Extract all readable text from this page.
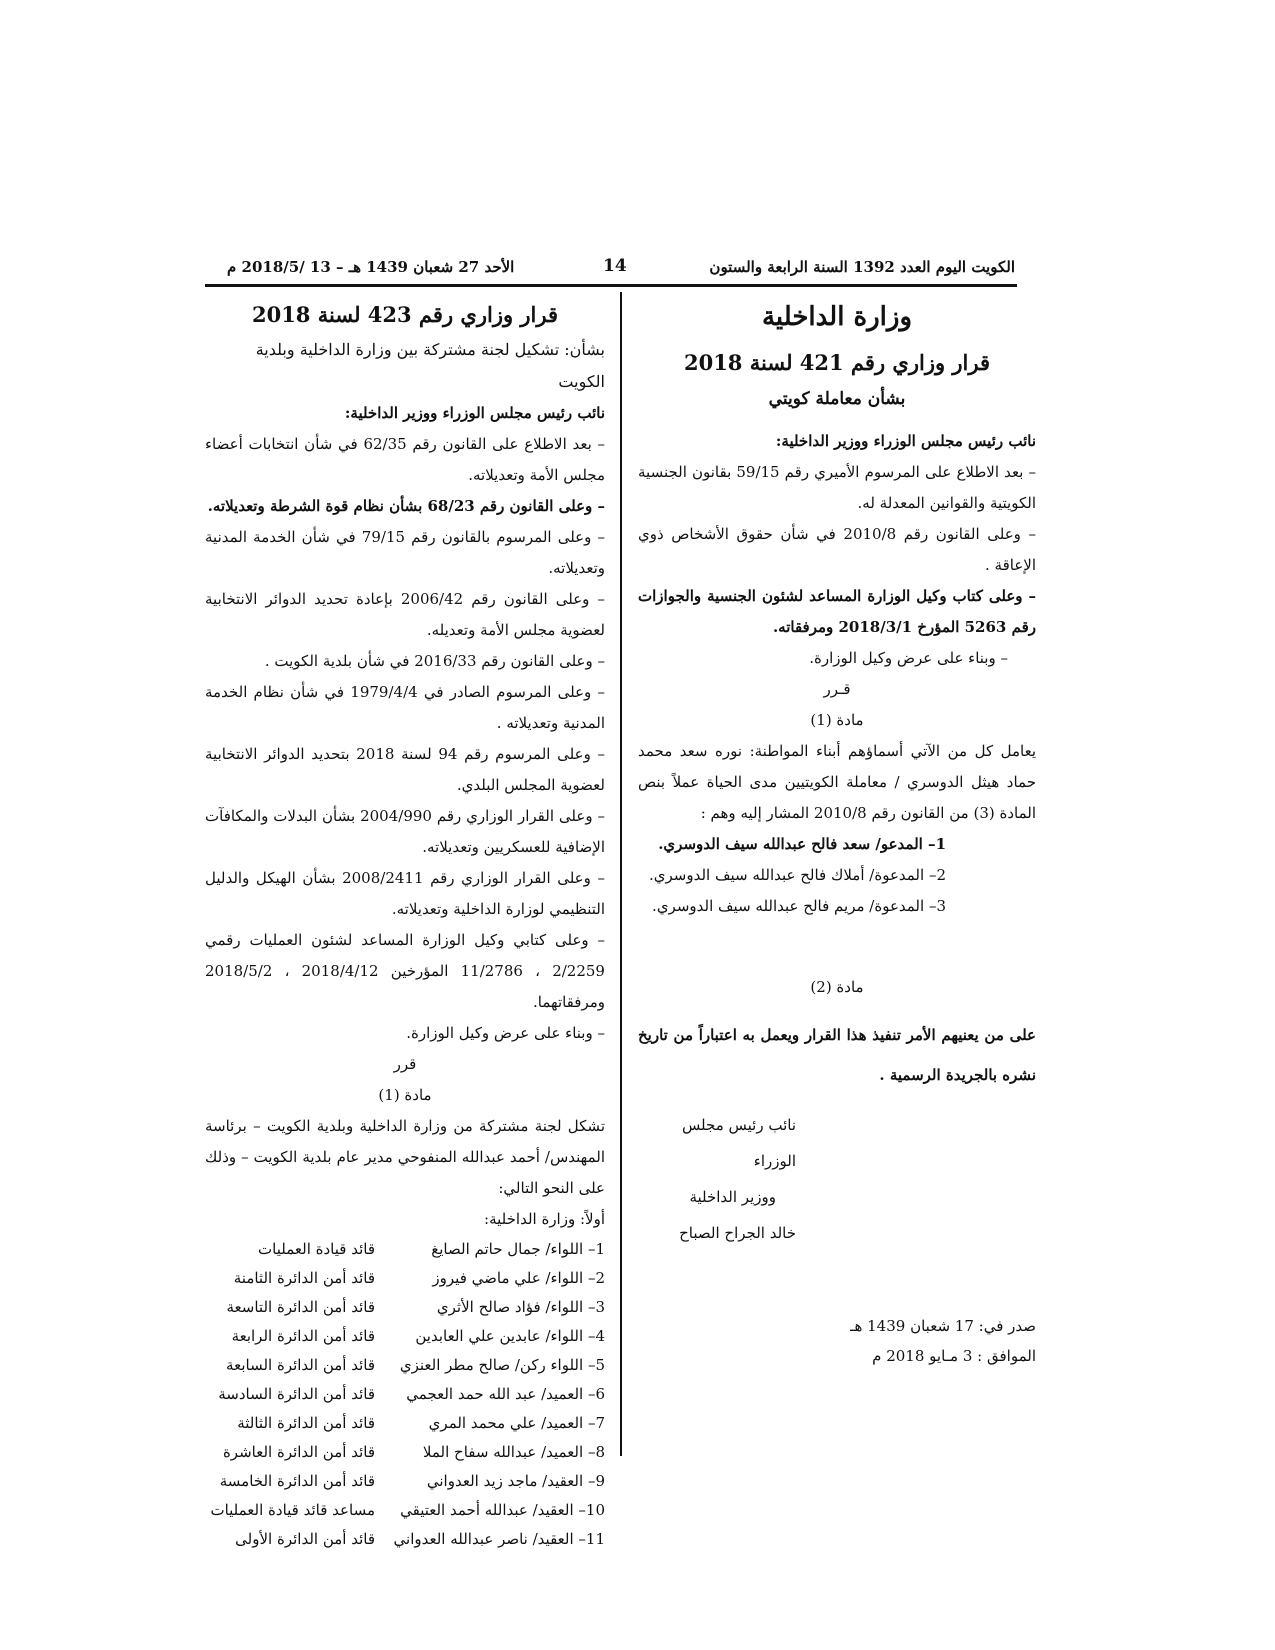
الكويت اليوم العدد 1392 السنة الرابعة والستون
14
الأحد 27 شعبان 1439 هـ – 13 /2018/5 م
وزارة الداخلية
قرار وزاري رقم 421 لسنة 2018
بشأن معاملة كويتي

نائب رئيس مجلس الوزراء ووزير الداخلية:

– بعد الاطلاع على المرسوم الأميري رقم 59/15 بقانون الجنسية الكويتية والقوانين المعدلة له.

– وعلى القانون رقم 2010/8 في شأن حقوق الأشخاص ذوي الإعاقة .

– وعلى كتاب وكيل الوزارة المساعد لشئون الجنسية والجوازات رقم 5263 المؤرخ 2018/3/1 ومرفقاته.

– وبناء على عرض وكيل الوزارة.

قـرر

مادة (1)

يعامل كل من الآتي أسماؤهم أبناء المواطنة: نوره سعد محمد حماد هيثل الدوسري / معاملة الكويتيين مدى الحياة عملاً بنص المادة (3) من القانون رقم 2010/8 المشار إليه وهم :

1– المدعو/ سعد فالح عبدالله سيف الدوسري.

2– المدعوة/ أملاك فالح عبدالله سيف الدوسري.

3– المدعوة/ مريم فالح عبدالله سيف الدوسري.

مادة (2)

على من يعنيهم الأمر تنفيذ هذا القرار ويعمل به اعتباراً من تاريخ نشره بالجريدة الرسمية .

نائب رئيس مجلس الوزراء
ووزير الداخلية
خالد الجراح الصباح
صدر في: 17 شعبان 1439 هـ
الموافق : 3 مـايو 2018 م
قرار وزاري رقم 423 لسنة 2018
بشأن: تشكيل لجنة مشتركة بين وزارة الداخلية وبلدية الكويت

نائب رئيس مجلس الوزراء ووزير الداخلية:

– بعد الاطلاع على القانون رقم 62/35 في شأن انتخابات أعضاء مجلس الأمة وتعديلاته.

– وعلى القانون رقم 68/23 بشأن نظام قوة الشرطة وتعديلاته.

– وعلى المرسوم بالقانون رقم 79/15 في شأن الخدمة المدنية وتعديلاته.

– وعلى القانون رقم 2006/42 بإعادة تحديد الدوائر الانتخابية لعضوية مجلس الأمة وتعديله.

– وعلى القانون رقم 2016/33 في شأن بلدية الكويت .

– وعلى المرسوم الصادر في 1979/4/4 في شأن نظام الخدمة المدنية وتعديلاته .

– وعلى المرسوم رقم 94 لسنة 2018 بتحديد الدوائر الانتخابية لعضوية المجلس البلدي.

– وعلى القرار الوزاري رقم 2004/990 بشأن البدلات والمكافآت الإضافية للعسكريين وتعديلاته.

– وعلى القرار الوزاري رقم 2008/2411 بشأن الهيكل والدليل التنظيمي لوزارة الداخلية وتعديلاته.

– وعلى كتابي وكيل الوزارة المساعد لشئون العمليات رقمي 2/2259 ، 11/2786 المؤرخين 2018/4/12 ، 2018/5/2 ومرفقاتهما.

– وبناء على عرض وكيل الوزارة.

قرر

مادة (1)

تشكل لجنة مشتركة من وزارة الداخلية وبلدية الكويت – برئاسة المهندس/ أحمد عبدالله المنفوحي مدير عام بلدية الكويت – وذلك على النحو التالي:

أولاً: وزارة الداخلية:

1– اللواء/ جمال حاتم الصايغ
قائد قيادة العمليات
2– اللواء/ علي ماضي فيروز
قائد أمن الدائرة الثامنة
3– اللواء/ فؤاد صالح الأثري
قائد أمن الدائرة التاسعة
4– اللواء/ عابدين علي العابدين
قائد أمن الدائرة الرابعة
5– اللواء ركن/ صالح مطر العنزي
قائد أمن الدائرة السابعة
6– العميد/ عبد الله حمد العجمي
قائد أمن الدائرة السادسة
7– العميد/ علي محمد المري
قائد أمن الدائرة الثالثة
8– العميد/ عبدالله سفاح الملا
قائد أمن الدائرة العاشرة
9– العقيد/ ماجد زيد العدواني
قائد أمن الدائرة الخامسة
10– العقيد/ عبدالله أحمد العتيقي
مساعد قائد قيادة العمليات
11– العقيد/ ناصر عبدالله العدواني
قائد أمن الدائرة الأولى
